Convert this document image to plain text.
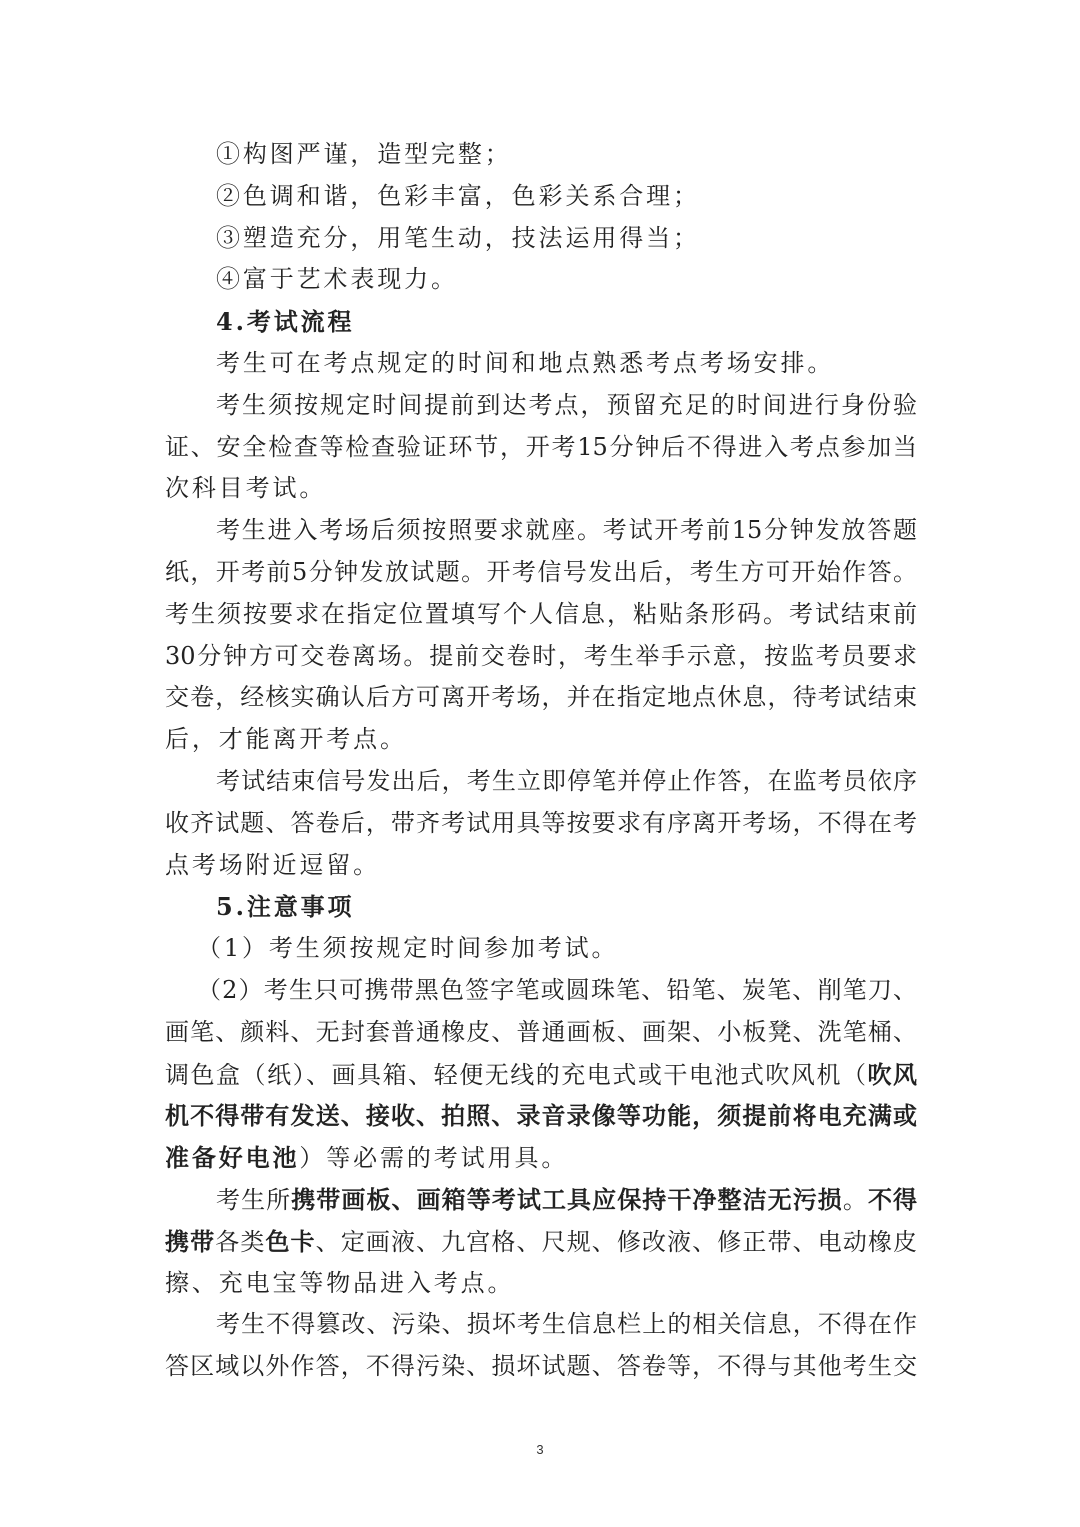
①构图严谨，造型完整；
②色调和谐，色彩丰富，色彩关系合理；
③塑造充分，用笔生动，技法运用得当；
④富于艺术表现力。
4.考试流程
考生可在考点规定的时间和地点熟悉考点考场安排。
考生须按规定时间提前到达考点，预留充足的时间进行身份验
证、安全检查等检查验证环节，开考15分钟后不得进入考点参加当
次科目考试。
考生进入考场后须按照要求就座。考试开考前15分钟发放答题
纸，开考前5分钟发放试题。开考信号发出后，考生方可开始作答。
考生须按要求在指定位置填写个人信息，粘贴条形码。考试结束前
30分钟方可交卷离场。提前交卷时，考生举手示意，按监考员要求
交卷，经核实确认后方可离开考场，并在指定地点休息，待考试结束
后，才能离开考点。
考试结束信号发出后，考生立即停笔并停止作答，在监考员依序
收齐试题、答卷后，带齐考试用具等按要求有序离开考场，不得在考
点考场附近逗留。
5.注意事项
（1）考生须按规定时间参加考试。
（2）考生只可携带黑色签字笔或圆珠笔、铅笔、炭笔、削笔刀、
画笔、颜料、无封套普通橡皮、普通画板、画架、小板凳、洗笔桶、
调色盒（纸）、画具箱、轻便无线的充电式或干电池式吹风机（吹风
机不得带有发送、接收、拍照、录音录像等功能，须提前将电充满或
准备好电池）等必需的考试用具。
考生所携带画板、画箱等考试工具应保持干净整洁无污损。不得
携带各类色卡、定画液、九宫格、尺规、修改液、修正带、电动橡皮
擦、充电宝等物品进入考点。
考生不得篡改、污染、损坏考生信息栏上的相关信息，不得在作
答区域以外作答，不得污染、损坏试题、答卷等，不得与其他考生交
3
